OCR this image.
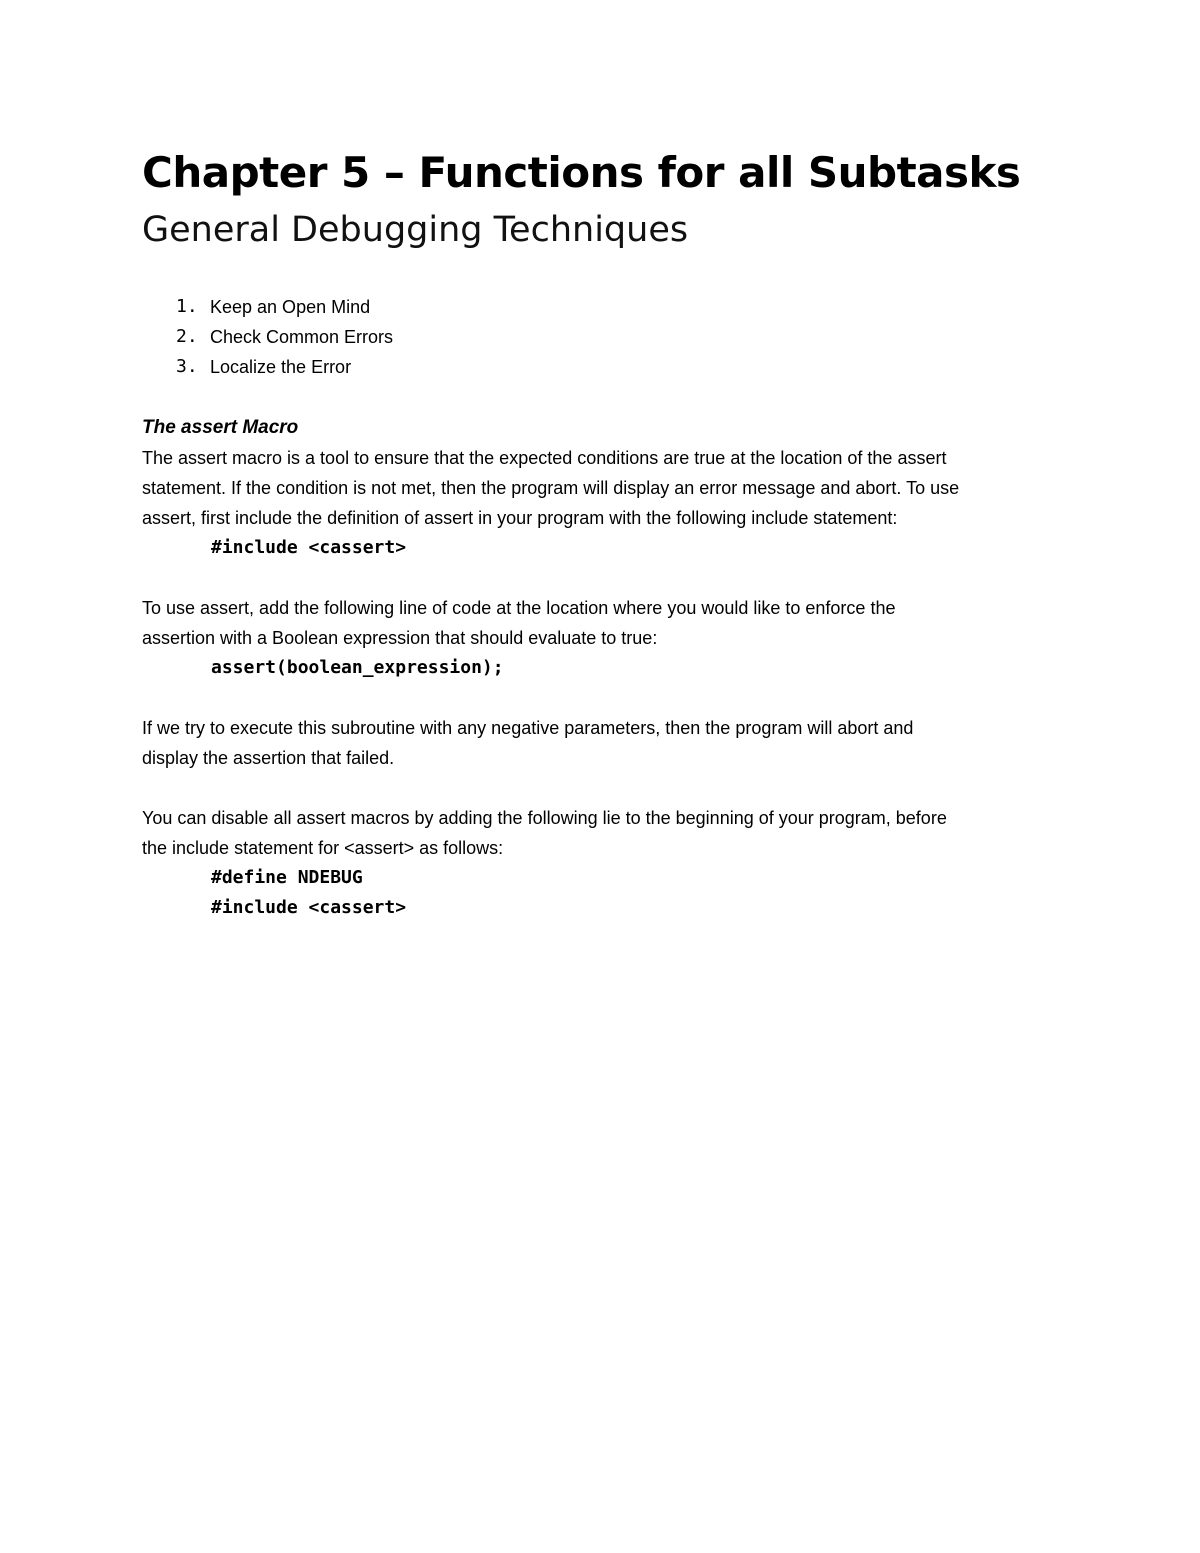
Chapter 5 – Functions for all Subtasks
General Debugging Techniques
1. Keep an Open Mind
2. Check Common Errors
3. Localize the Error
The assert Macro

The assert macro is a tool to ensure that the expected conditions are true at the location of the assert

statement. If the condition is not met, then the program will display an error message and abort. To use

assert, first include the definition of assert in your program with the following include statement:

#include <cassert>

To use assert, add the following line of code at the location where you would like to enforce the

assertion with a Boolean expression that should evaluate to true:

assert(boolean_expression);

If we try to execute this subroutine with any negative parameters, then the program will abort and

display the assertion that failed.

You can disable all assert macros by adding the following lie to the beginning of your program, before

the include statement for <assert> as follows:

#define NDEBUG

#include <cassert>
